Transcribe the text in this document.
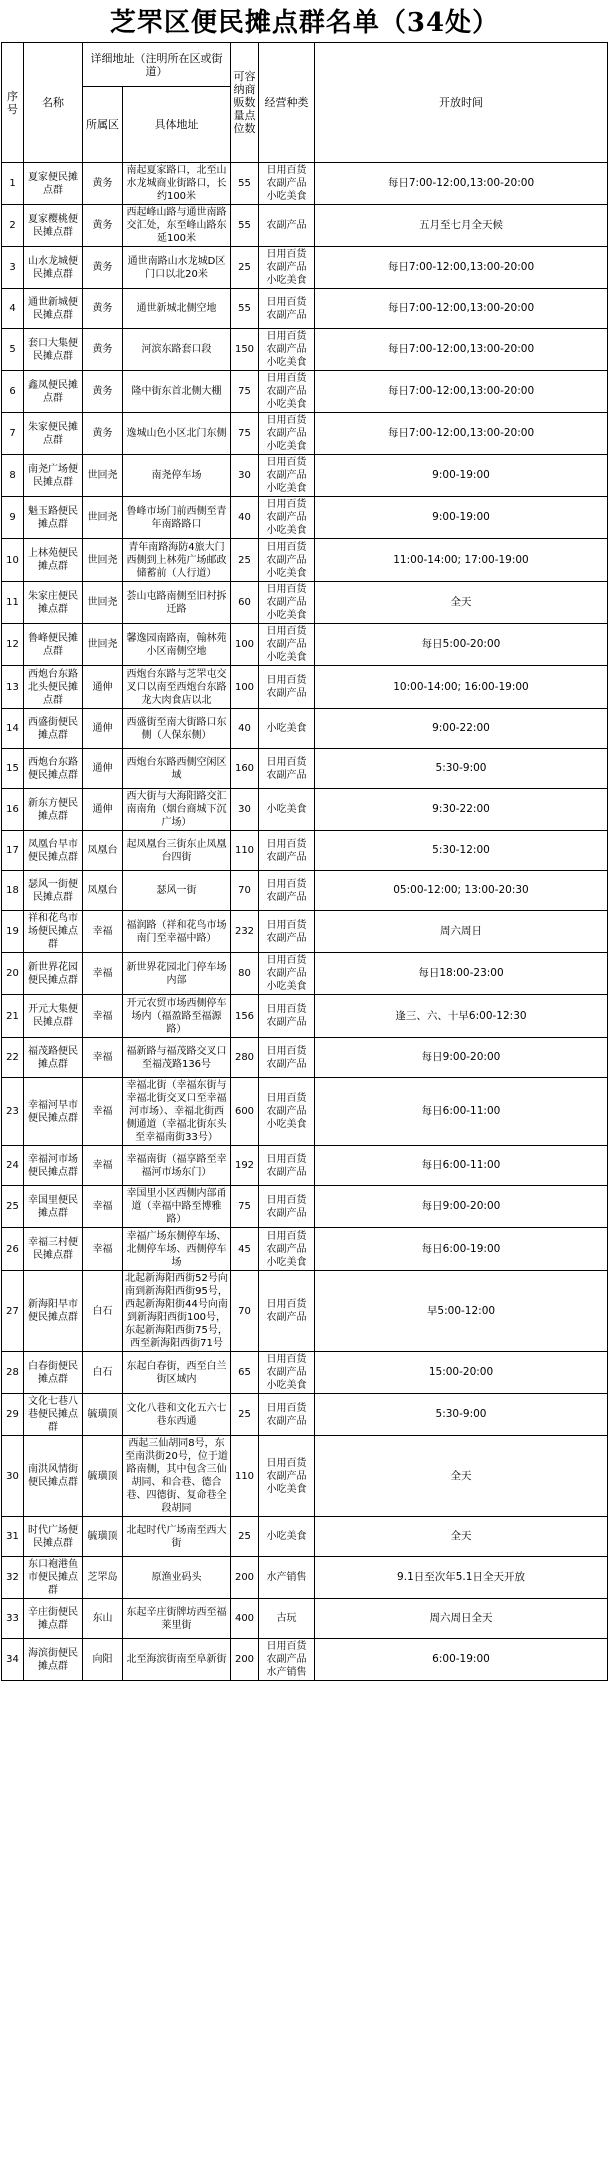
芝罘区便民摊点群名单（34处）
序号	名称	详细地址（注明所在区或街道）		可容纳商贩数量点位数	经营种类	开放时间
		所属区	具体地址			
1	夏家便民摊点群	黄务	南起夏家路口，北至山水龙城商业街路口，长约100米	55	日用百货
农副产品
小吃美食	每日7:00-12:00,13:00-20:00
2	夏家樱桃便民摊点群	黄务	西起峰山路与通世南路交汇处，东至峰山路东延100米	55	农副产品	五月至七月全天候
3	山水龙城便民摊点群	黄务	通世南路山水龙城D区门口以北20米	25	日用百货
农副产品
小吃美食	每日7:00-12:00,13:00-20:00
4	通世新城便民摊点群	黄务	通世新城北侧空地	55	日用百货
农副产品	每日7:00-12:00,13:00-20:00
5	套口大集便民摊点群	黄务	河滨东路套口段	150	日用百货
农副产品
小吃美食	每日7:00-12:00,13:00-20:00
6	鑫凤便民摊点群	黄务	隆中街东首北侧大棚	75	日用百货
农副产品
小吃美食	每日7:00-12:00,13:00-20:00
7	朱家便民摊点群	黄务	逸城山色小区北门东侧	75	日用百货
农副产品
小吃美食	每日7:00-12:00,13:00-20:00
8	南尧广场便民摊点群	世回尧	南尧停车场	30	日用百货
农副产品
小吃美食	9:00-19:00
9	魁玉路便民摊点群	世回尧	鲁峰市场门前西侧至青年南路路口	40	日用百货
农副产品
小吃美食	9:00-19:00
10	上林苑便民摊点群	世回尧	青年南路海防4旅大门西侧到上林苑广场邮政储蓄前（人行道）	25	日用百货
农副产品
小吃美食	11:00-14:00; 17:00-19:00
11	朱家庄便民摊点群	世回尧	荟山屯路南侧至旧村拆迁路	60	日用百货
农副产品
小吃美食	全天
12	鲁峰便民摊点群	世回尧	馨逸园南路南，翰林苑小区南侧空地	100	日用百货
农副产品
小吃美食	每日5:00-20:00
13	西炮台东路北头便民摊点群	通伸	西炮台东路与芝罘屯交叉口以南至西炮台东路龙大肉食店以北	100	日用百货
农副产品	10:00-14:00; 16:00-19:00
14	西盛街便民摊点群	通伸	西盛街至南大街路口东侧（人保东侧）	40	小吃美食	9:00-22:00
15	西炮台东路便民摊点群	通伸	西炮台东路西侧空闲区域	160	日用百货
农副产品	5:30-9:00
16	新东方便民摊点群	通伸	西大街与大海阳路交汇南南角（烟台商城下沉广场）	30	小吃美食	9:30-22:00
17	凤凰台早市便民摊点群	凤凰台	起凤凰台三街东止凤凰台四街	110	日用百货
农副产品	5:30-12:00
18	瑟风一街便民摊点群	凤凰台	瑟风一街	70	日用百货
农副产品	05:00-12:00; 13:00-20:30
19	祥和花鸟市场便民摊点群	幸福	福润路（祥和花鸟市场南门至幸福中路）	232	日用百货
农副产品	周六周日
20	新世界花园便民摊点群	幸福	新世界花园北门停车场内部	80	日用百货
农副产品
小吃美食	每日18:00-23:00
21	开元大集便民摊点群	幸福	开元农贸市场西侧停车场内（福盈路至福源路）	156	日用百货
农副产品	逢三、六、十早6:00-12:30
22	福茂路便民摊点群	幸福	福新路与福茂路交叉口至福茂路136号	280	日用百货
农副产品	每日9:00-20:00
23	幸福河早市便民摊点群	幸福	幸福北街（幸福东街与幸福北街交叉口至幸福河市场）、幸福北街西侧通道（幸福北街东头至幸福南街33号）	600	日用百货
农副产品
小吃美食	每日6:00-11:00
24	幸福河市场便民摊点群	幸福	幸福南街（福享路至幸福河市场东门）	192	日用百货
农副产品	每日6:00-11:00
25	幸国里便民摊点群	幸福	幸国里小区西侧内部甬道（幸福中路至博雅路）	75	日用百货
农副产品	每日9:00-20:00
26	幸福三村便民摊点群	幸福	幸福广场东侧停车场、北侧停车场、西侧停车场	45	日用百货
农副产品
小吃美食	每日6:00-19:00
27	新海阳早市便民摊点群	白石	北起新海阳西街52号向南到新海阳西街95号，西起新海阳街44号向南到新海阳西街100号，东起新海阳西街75号，西至新海阳西街71号	70	日用百货
农副产品	早5:00-12:00
28	白春街便民摊点群	白石	东起白春街，西至白兰街区域内	65	日用百货
农副产品
小吃美食	15:00-20:00
29	文化七巷八巷便民摊点群	毓璜顶	文化八巷和文化五六七巷东西通	25	日用百货
农副产品	5:30-9:00
30	南洪风情街便民摊点群	毓璜顶	西起三仙胡同8号，东至南洪街20号，位于道路南侧，其中包含三仙胡同、和合巷、德合巷、四德街、复命巷全段胡同	110	日用百货
农副产品
小吃美食	全天
31	时代广场便民摊点群	毓璜顶	北起时代广场南至西大街	25	小吃美食	全天
32	东口袍港鱼市便民摊点群	芝罘岛	原渔业码头	200	水产销售	9.1日至次年5.1日全天开放
33	辛庄街便民摊点群	东山	东起辛庄街牌坊西至福莱里街	400	古玩	周六周日全天
34	海滨街便民摊点群	向阳	北至海滨街南至阜新街	200	日用百货
农副产品
水产销售	6:00-19:00
